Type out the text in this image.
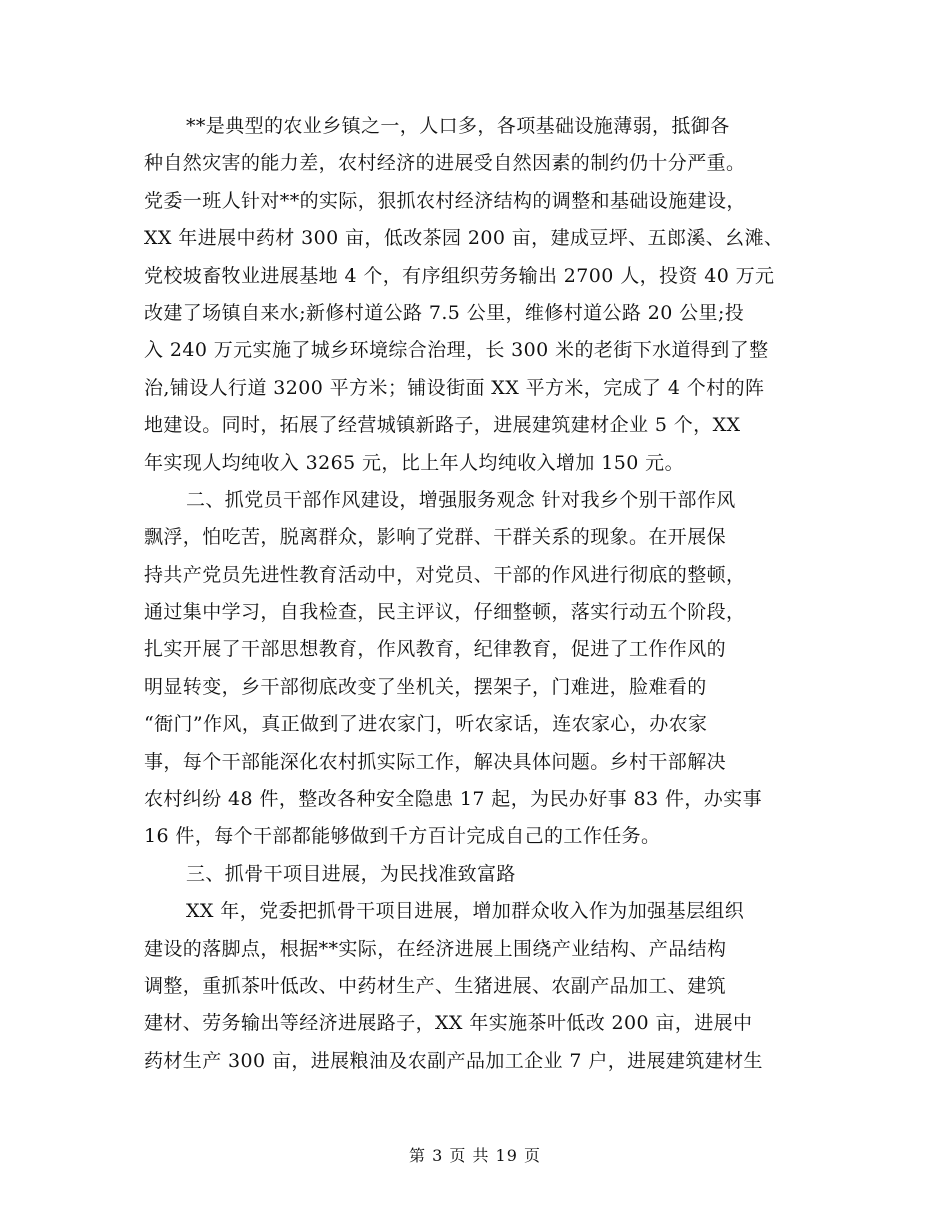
**是典型的农业乡镇之一，人口多，各项基础设施薄弱，抵御各
种自然灾害的能力差，农村经济的进展受自然因素的制约仍十分严重。
党委一班人针对**的实际，狠抓农村经济结构的调整和基础设施建设，
XX 年进展中药材 300 亩，低改茶园 200 亩，建成豆坪、五郎溪、幺滩、
党校坡畜牧业进展基地 4 个，有序组织劳务输出 2700 人，投资 40 万元
改建了场镇自来水;新修村道公路 7.5 公里，维修村道公路 20 公里;投
入 240 万元实施了城乡环境综合治理，长 300 米的老街下水道得到了整
治,铺设人行道 3200 平方米；铺设街面 XX 平方米，完成了 4 个村的阵
地建设。同时，拓展了经营城镇新路子，进展建筑建材企业 5 个，XX
年实现人均纯收入 3265 元，比上年人均纯收入增加 150 元。
二、抓党员干部作风建设，增强服务观念 针对我乡个别干部作风
飘浮，怕吃苦，脱离群众，影响了党群、干群关系的现象。在开展保
持共产党员先进性教育活动中，对党员、干部的作风进行彻底的整顿，
通过集中学习，自我检查，民主评议，仔细整顿，落实行动五个阶段，
扎实开展了干部思想教育，作风教育，纪律教育，促进了工作作风的
明显转变，乡干部彻底改变了坐机关，摆架子，门难进，脸难看的
“衙门”作风，真正做到了进农家门，听农家话，连农家心，办农家
事，每个干部能深化农村抓实际工作，解决具体问题。乡村干部解决
农村纠纷 48 件，整改各种安全隐患 17 起，为民办好事 83 件，办实事
16 件，每个干部都能够做到千方百计完成自己的工作任务。
三、抓骨干项目进展，为民找准致富路
XX 年，党委把抓骨干项目进展，增加群众收入作为加强基层组织
建设的落脚点，根据**实际，在经济进展上围绕产业结构、产品结构
调整，重抓茶叶低改、中药材生产、生猪进展、农副产品加工、建筑
建材、劳务输出等经济进展路子，XX 年实施茶叶低改 200 亩，进展中
药材生产 300 亩，进展粮油及农副产品加工企业 7 户，进展建筑建材生
第 3 页 共 19 页
